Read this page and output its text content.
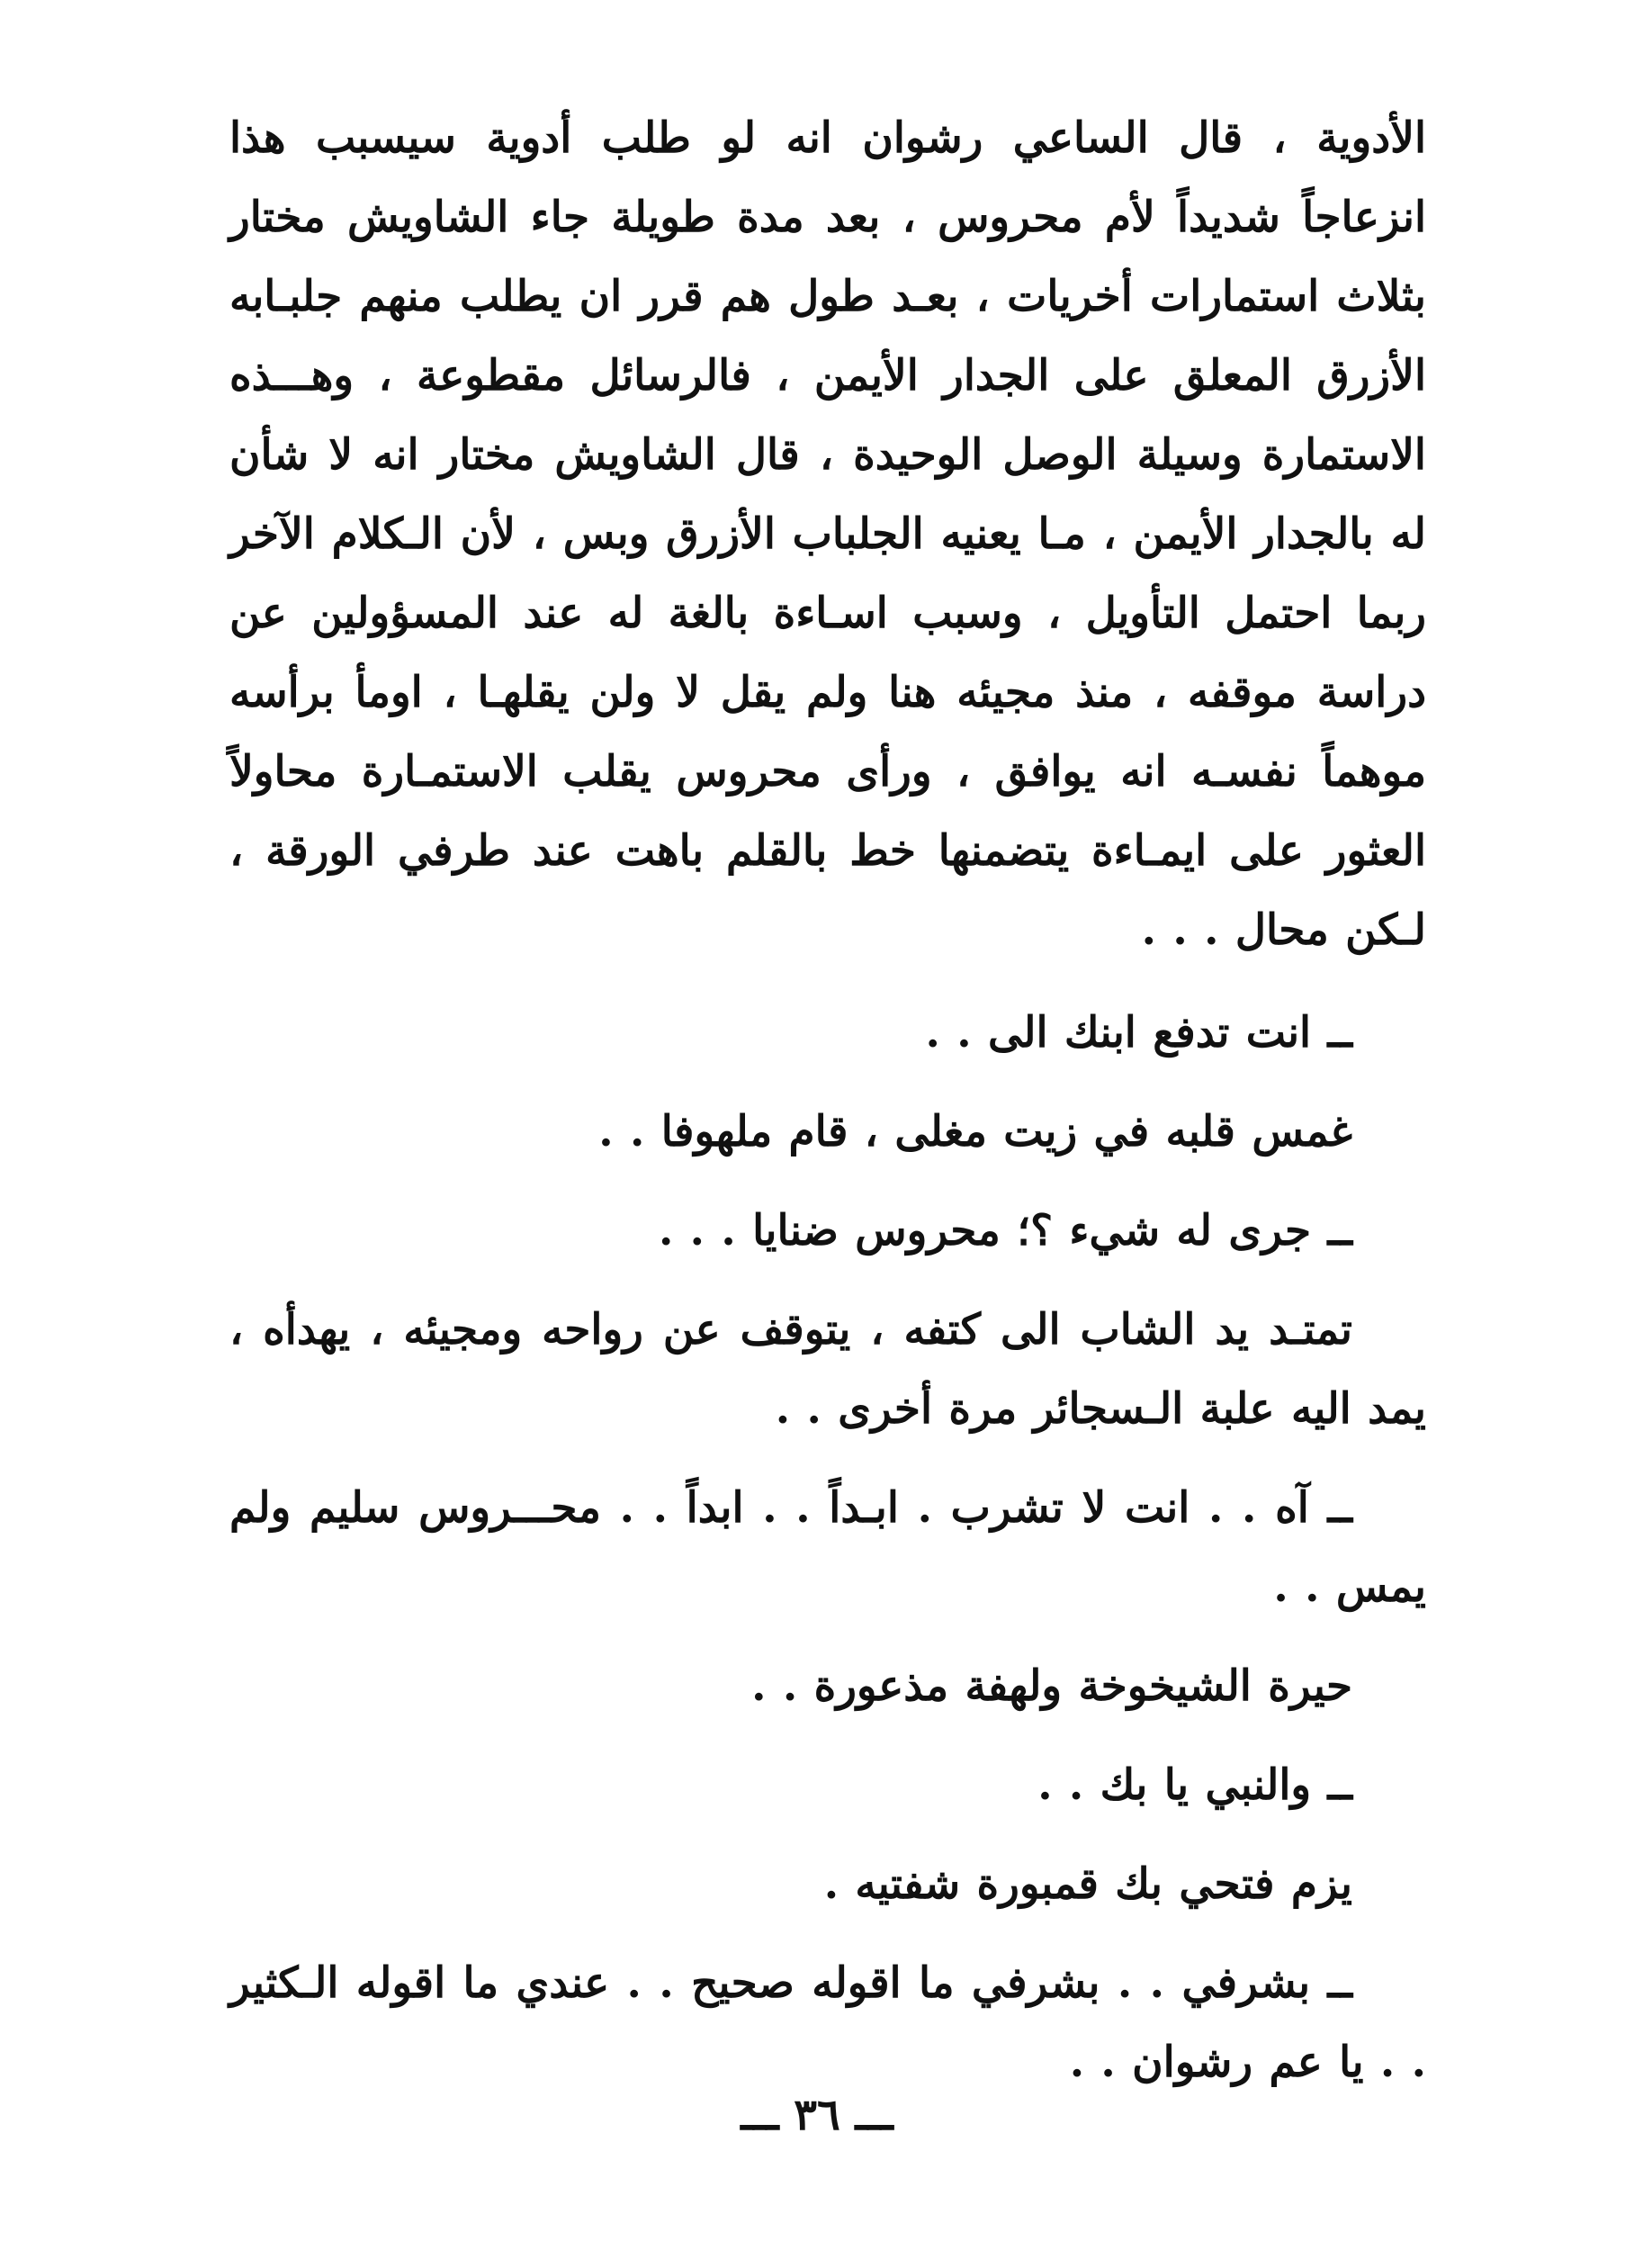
الأدوية ، قال الساعي رشوان انه لو طلب أدوية سيسبب هذا انزعاجاً شديداً لأم محروس ، بعد مدة طويلة جاء الشاويش مختار بثلاث استمارات أخريات ، بعـد طول هم قرر ان يطلب منهم جلبـابه الأزرق المعلق على الجدار الأيمن ، فالرسائل مقطوعة ، وهـــذه الاستمارة وسيلة الوصل الوحيدة ، قال الشاويش مختار انه لا شأن له بالجدار الأيمن ، مـا يعنيه الجلباب الأزرق وبس ، لأن الـكلام الآخر ربما احتمل التأويل ، وسبب اسـاءة بالغة له عند المسؤولين عن دراسة موقفه ، منذ مجيئه هنا ولم يقل لا ولن يقلهـا ، اومأ برأسه موهماً نفسـه انه يوافق ، ورأى محروس يقلب الاستمـارة محاولاً العثور على ايمـاءة يتضمنها خط بالقلم باهت عند طرفي الورقة ، لـكن محال . . .

ــ انت تدفع ابنك الى . .

غمس قلبه في زيت مغلى ، قام ملهوفا . .

ــ جرى له شيء ؟؛ محروس ضنايا . . .

تمتـد يد الشاب الى كتفه ، يتوقف عن رواحه ومجيئه ، يهدأه ، يمد اليه علبة الـسجائر مرة أخرى . .

ــ آه . . انت لا تشرب . ابـداً . . ابداً . . محـــروس سليم ولم يمس . .

حيرة الشيخوخة ولهفة مذعورة . .

ــ والنبي يا بك . .

يزم فتحي بك قمبورة شفتيه .

ــ بشرفي . . بشرفي ما اقوله صحيح . . عندي ما اقوله الـكثير . . يا عم رشوان . .

ـــ ٣٦ ـــ
